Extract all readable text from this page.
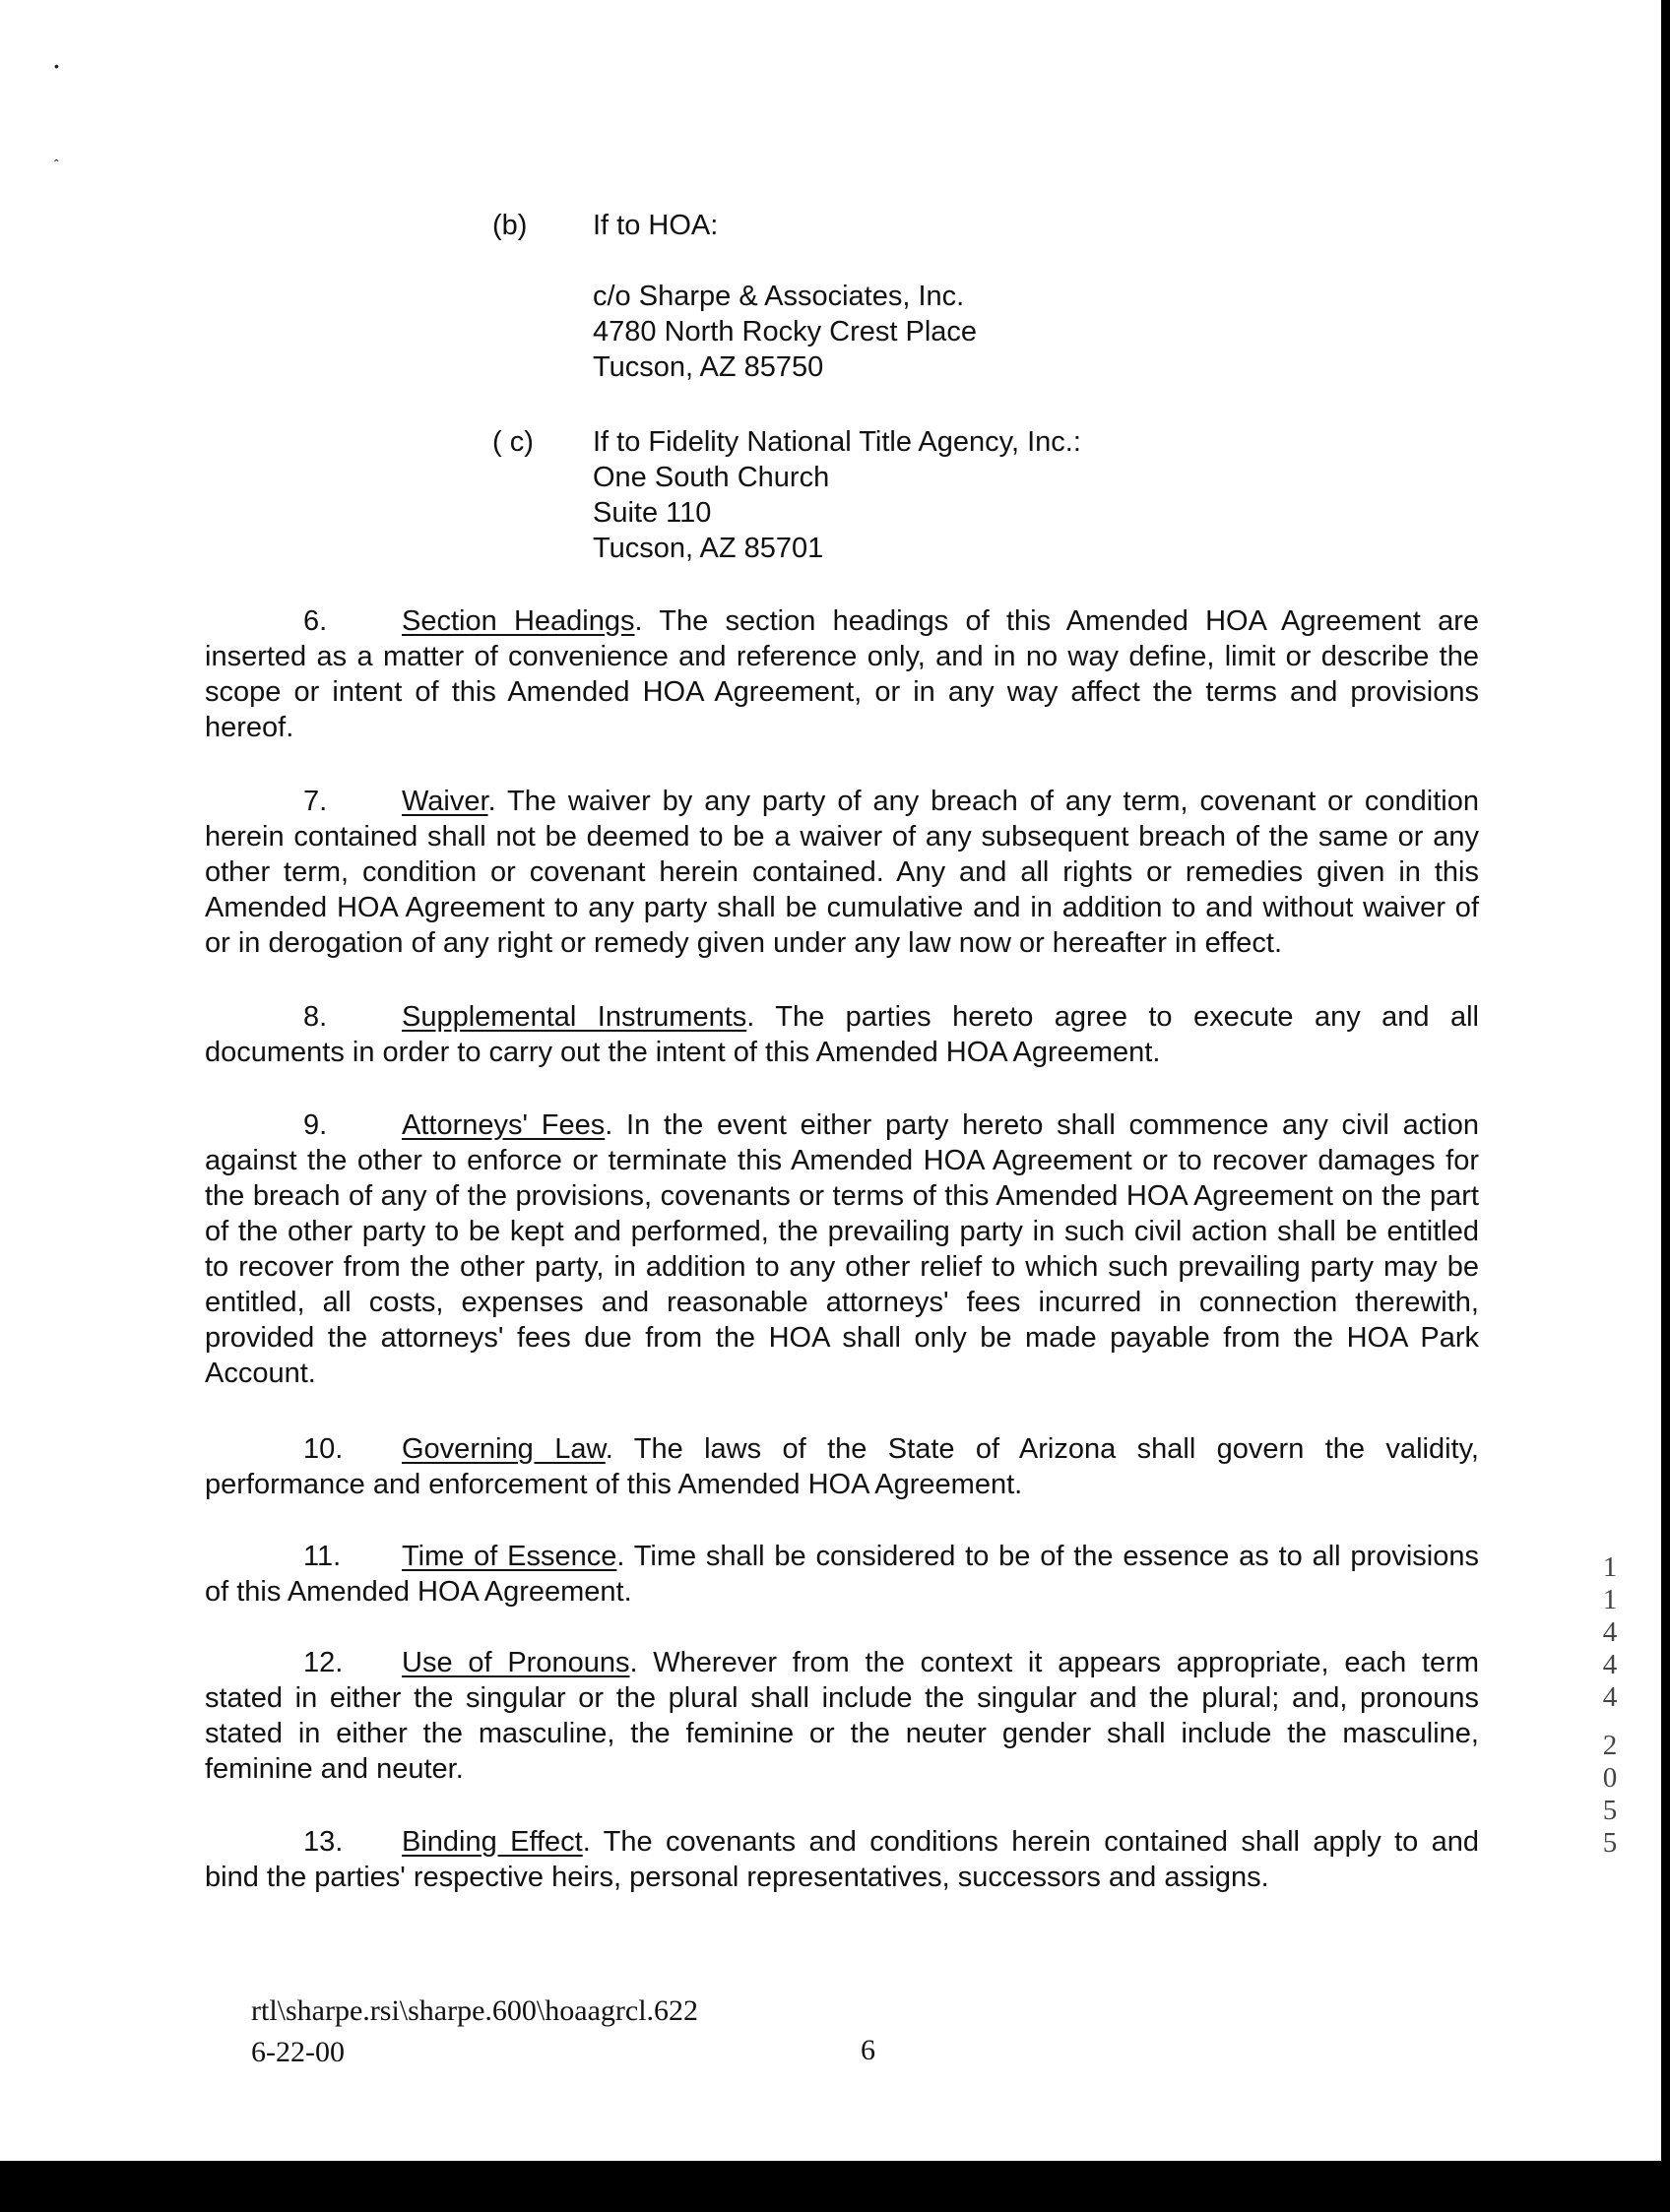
•
ˆ
(b)	If to HOA:
c/o Sharpe & Associates, Inc.
4780 North Rocky Crest Place
Tucson, AZ 85750
( c)	If to Fidelity National Title Agency, Inc.:
One South Church
Suite 110
Tucson, AZ 85701
6.	Section Headings. The section headings of this Amended HOA Agreement are inserted as a matter of convenience and reference only, and in no way define, limit or describe the scope or intent of this Amended HOA Agreement, or in any way affect the terms and provisions hereof.
7.	Waiver. The waiver by any party of any breach of any term, covenant or condition herein contained shall not be deemed to be a waiver of any subsequent breach of the same or any other term, condition or covenant herein contained. Any and all rights or remedies given in this Amended HOA Agreement to any party shall be cumulative and in addition to and without waiver of or in derogation of any right or remedy given under any law now or hereafter in effect.
8.	Supplemental Instruments. The parties hereto agree to execute any and all documents in order to carry out the intent of this Amended HOA Agreement.
9.	Attorneys' Fees. In the event either party hereto shall commence any civil action against the other to enforce or terminate this Amended HOA Agreement or to recover damages for the breach of any of the provisions, covenants or terms of this Amended HOA Agreement on the part of the other party to be kept and performed, the prevailing party in such civil action shall be entitled to recover from the other party, in addition to any other relief to which such prevailing party may be entitled, all costs, expenses and reasonable attorneys' fees incurred in connection therewith, provided the attorneys' fees due from the HOA shall only be made payable from the HOA Park Account.
10. Governing Law. The laws of the State of Arizona shall govern the validity, performance and enforcement of this Amended HOA Agreement.
11. Time of Essence. Time shall be considered to be of the essence as to all provisions of this Amended HOA Agreement.
12. Use of Pronouns. Wherever from the context it appears appropriate, each term stated in either the singular or the plural shall include the singular and the plural; and, pronouns stated in either the masculine, the feminine or the neuter gender shall include the masculine, feminine and neuter.
13. Binding Effect. The covenants and conditions herein contained shall apply to and bind the parties' respective heirs, personal representatives, successors and assigns.
rtl\sharpe.rsi\sharpe.600\hoaagrcl.622
6-22-00	6
1
1
4
4
4
2
0
5
5
